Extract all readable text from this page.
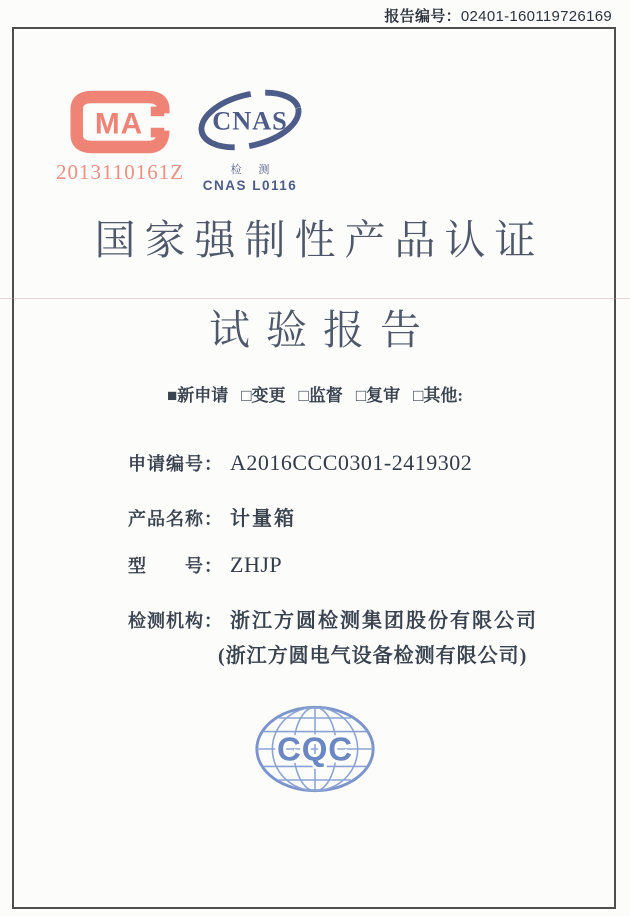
报告编号：02401-160119726169
MA
2013110161Z
CNAS
检 测
CNAS L0116
国家强制性产品认证
试验报告
■新申请 □变更 □监督 □复审 □其他:
申请编号： A2016CCC0301-2419302
产品名称： 计量箱
型　　号： ZHJP
检测机构： 浙江方圆检测集团股份有限公司
(浙江方圆电气设备检测有限公司)
CQC
